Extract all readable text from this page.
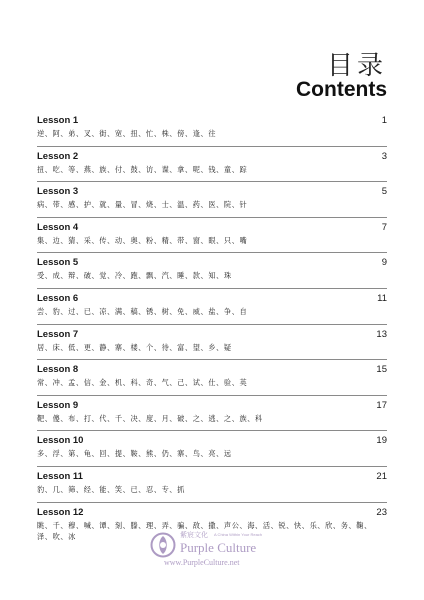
目录
Contents
Lesson 1	1
逆、阿、弟、叉、街、宽、扭、忙、株、傍、逢、往
Lesson 2	3
扭、吃、等、燕、族、付、鼓、访、谍、拿、呢、钱、童、踪
Lesson 3	5
病、带、感、护、就、量、冒、烧、士、温、药、医、院、针
Lesson 4	7
集、边、猜、采、传、动、奥、粉、精、带、窗、眼、只、嘴
Lesson 5	9
受、成、辩、破、觉、冷、跑、飘、汽、睡、款、知、珠
Lesson 6	11
尝、豹、过、已、凉、满、稿、锈、树、免、威、盐、争、自
Lesson 7	13
居、床、低、更、静、寨、楼、个、待、富、望、乡、疑
Lesson 8	15
常、冲、孟、信、金、机、科、奇、气、己、试、仕、验、英
Lesson 9	17
靶、傻、布、打、代、千、决、度、月、破、之、逃、之、族、科
Lesson 10	19
多、浮、第、龟、回、提、鞍、熊、仍、寨、鸟、亮、远
Lesson 11	21
豹、几、筛、经、能、笑、已、忍、专、抓
Lesson 12	23
眺、千、穆、喊、谭、刻、滕、理、弄、骗、敌、撒、声公、海、活、锐、快、乐、欣、务、鞠、泽、吹、冰	紫宸文化 A China Within Your Reach
Purple Culture
www.PurpleCulture.net
